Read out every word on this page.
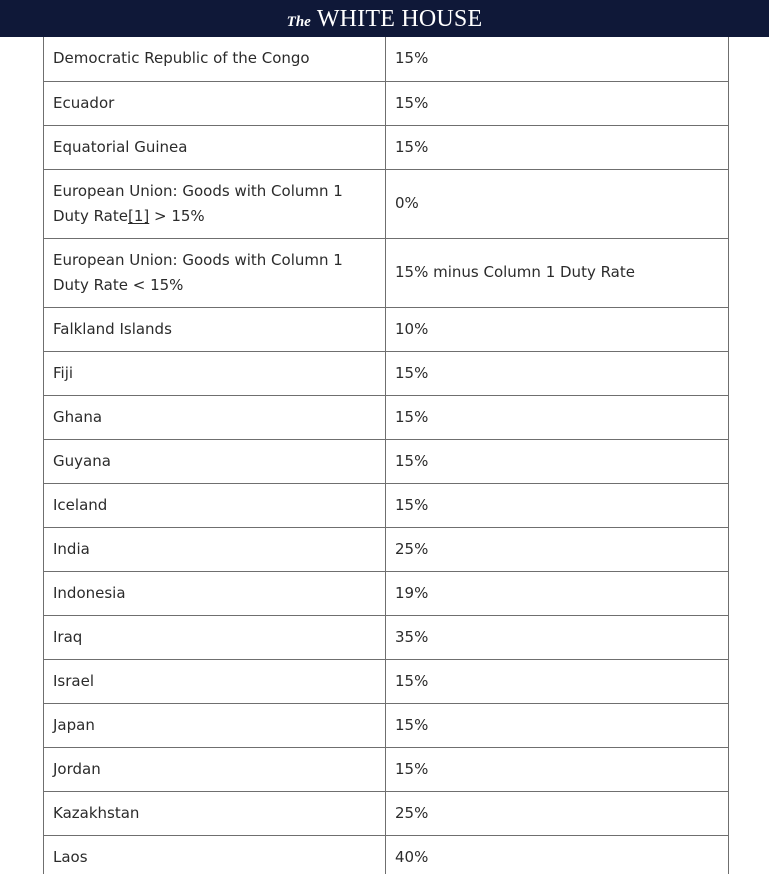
The WHITE HOUSE
Democratic Republic of the Congo	15%
Ecuador	15%
Equatorial Guinea	15%
European Union: Goods with Column 1 Duty Rate[1] > 15%	0%
European Union: Goods with Column 1 Duty Rate < 15%	15% minus Column 1 Duty Rate
Falkland Islands	10%
Fiji	15%
Ghana	15%
Guyana	15%
Iceland	15%
India	25%
Indonesia	19%
Iraq	35%
Israel	15%
Japan	15%
Jordan	15%
Kazakhstan	25%
Laos	40%
